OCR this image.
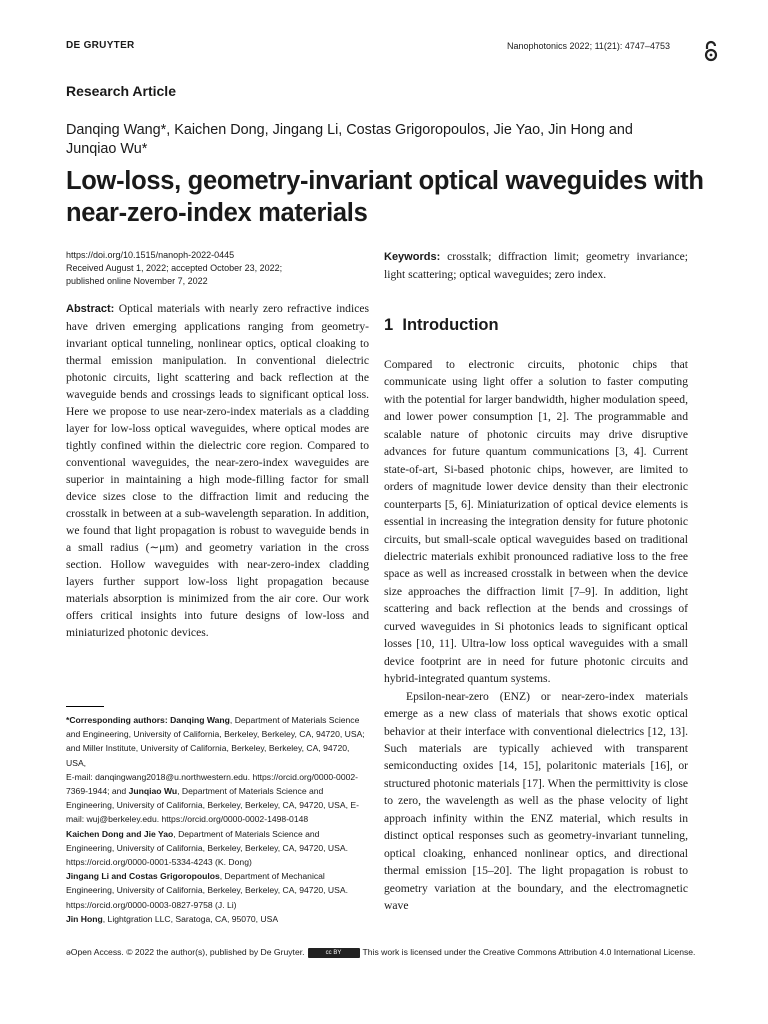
DE GRUYTER	Nanophotonics 2022; 11(21): 4747–4753
Research Article
Danqing Wang*, Kaichen Dong, Jingang Li, Costas Grigoropoulos, Jie Yao, Jin Hong and Junqiao Wu*
Low-loss, geometry-invariant optical waveguides with near-zero-index materials
https://doi.org/10.1515/nanoph-2022-0445
Received August 1, 2022; accepted October 23, 2022;
published online November 7, 2022
Abstract: Optical materials with nearly zero refractive indices have driven emerging applications ranging from geometry-invariant optical tunneling, nonlinear optics, optical cloaking to thermal emission manipulation. In conventional dielectric photonic circuits, light scattering and back reflection at the waveguide bends and crossings leads to significant optical loss. Here we propose to use near-zero-index materials as a cladding layer for low-loss optical waveguides, where optical modes are tightly confined within the dielectric core region. Compared to conventional waveguides, the near-zero-index waveguides are superior in maintaining a high mode-filling factor for small device sizes close to the diffraction limit and reducing the crosstalk in between at a sub-wavelength separation. In addition, we found that light propagation is robust to waveguide bends in a small radius (∼μm) and geometry variation in the cross section. Hollow waveguides with near-zero-index cladding layers further support low-loss light propagation because materials absorption is minimized from the air core. Our work offers critical insights into future designs of low-loss and miniaturized photonic devices.
*Corresponding authors: Danqing Wang, Department of Materials Science and Engineering, University of California, Berkeley, Berkeley, CA, 94720, USA; and Miller Institute, University of California, Berkeley, Berkeley, CA, 94720, USA,
E-mail: danqingwang2018@u.northwestern.edu. https://orcid.org/0000-0002-7369-1944; and Junqiao Wu, Department of Materials Science and Engineering, University of California, Berkeley, Berkeley, CA, 94720, USA, E-mail: wuj@berkeley.edu. https://orcid.org/0000-0002-1498-0148
Kaichen Dong and Jie Yao, Department of Materials Science and Engineering, University of California, Berkeley, Berkeley, CA, 94720, USA. https://orcid.org/0000-0001-5334-4243 (K. Dong)
Jingang Li and Costas Grigoropoulos, Department of Mechanical Engineering, University of California, Berkeley, Berkeley, CA, 94720, USA. https://orcid.org/0000-0003-0827-9758 (J. Li)
Jin Hong, Lightgration LLC, Saratoga, CA, 95070, USA
Keywords: crosstalk; diffraction limit; geometry invariance; light scattering; optical waveguides; zero index.
1 Introduction

Compared to electronic circuits, photonic chips that communicate using light offer a solution to faster computing with the potential for larger bandwidth, higher modulation speed, and lower power consumption [1, 2]. The programmable and scalable nature of photonic circuits may drive disruptive advances for future quantum communications [3, 4]. Current state-of-art, Si-based photonic chips, however, are limited to orders of magnitude lower device density than their electronic counterparts [5, 6]. Miniaturization of optical device elements is essential in increasing the integration density for future photonic circuits, but small-scale optical waveguides based on traditional dielectric materials exhibit pronounced radiative loss to the free space as well as increased crosstalk in between when the device size approaches the diffraction limit [7–9]. In addition, light scattering and back reflection at the bends and crossings of curved waveguides in Si photonics leads to significant optical losses [10, 11]. Ultra-low loss optical waveguides with a small device footprint are in need for future photonic circuits and hybrid-integrated quantum systems.

Epsilon-near-zero (ENZ) or near-zero-index materials emerge as a new class of materials that shows exotic optical behavior at their interface with conventional dielectrics [12, 13]. Such materials are typically achieved with transparent semiconducting oxides [14, 15], polaritonic materials [16], or structured photonic materials [17]. When the permittivity is close to zero, the wavelength as well as the phase velocity of light approach infinity within the ENZ material, which results in distinct optical responses such as geometry-invariant tunneling, optical cloaking, enhanced nonlinear optics, and directional thermal emission [15–20]. The light propagation is robust to geometry variation at the boundary, and the electromagnetic wave

əOpen Access. © 2022 the author(s), published by De Gruyter.	cc BY This work is licensed under the Creative Commons Attribution 4.0 International License.
